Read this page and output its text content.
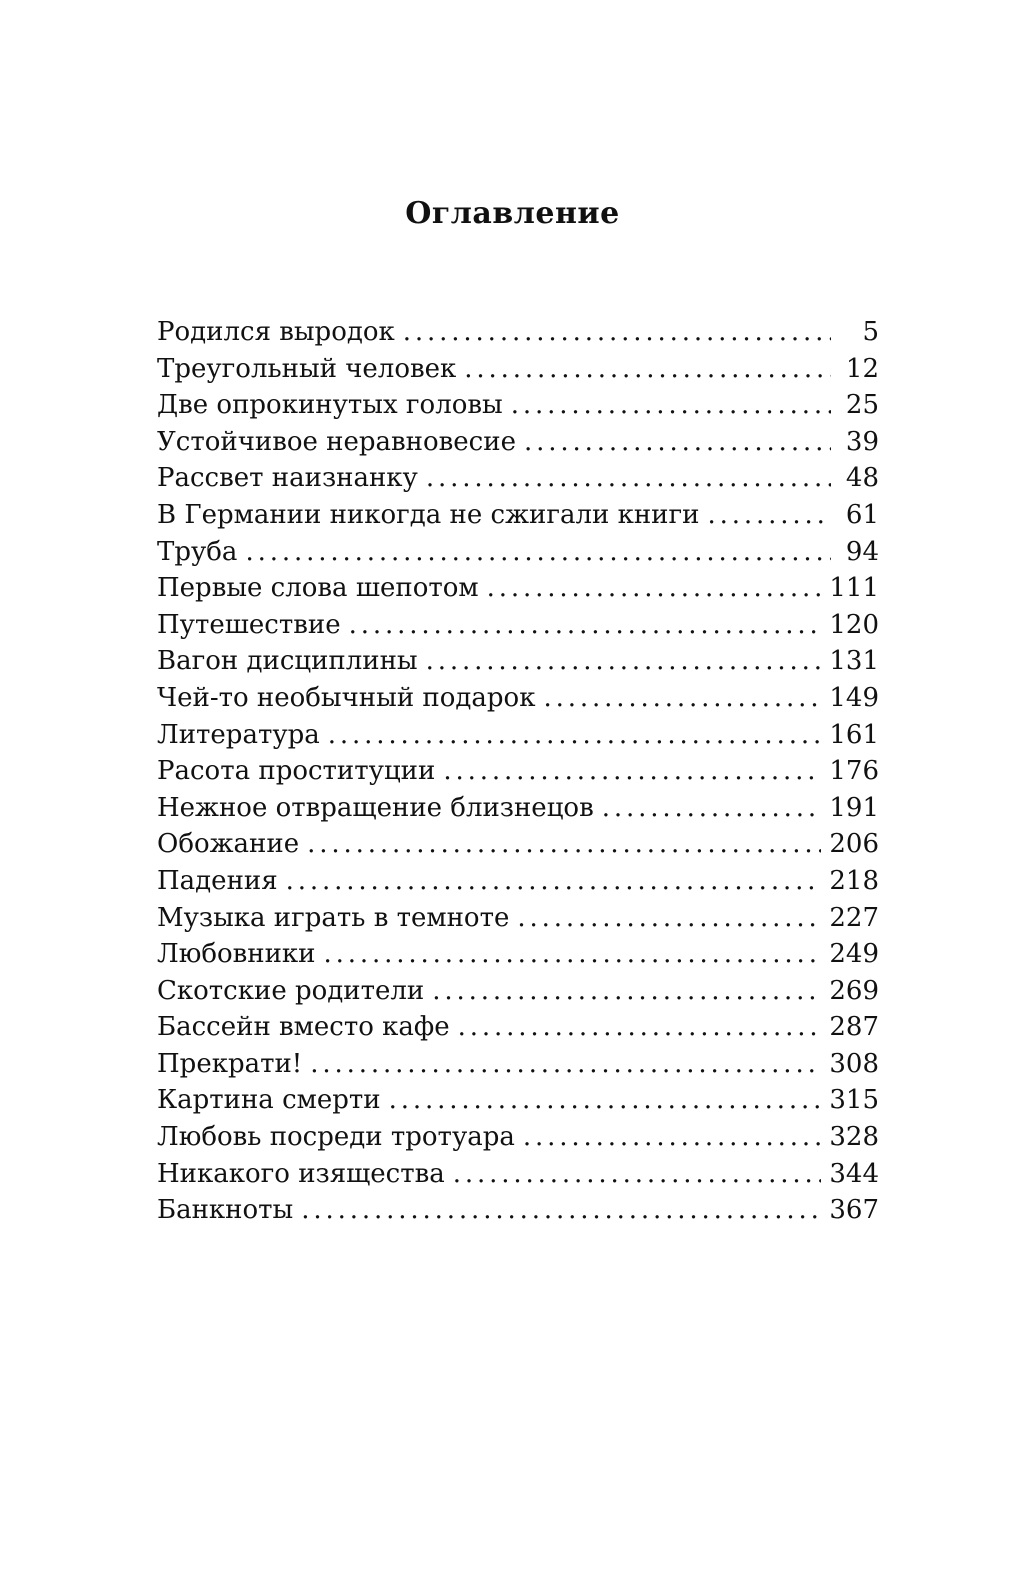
Оглавление
Родился выродок . . .	5
Треугольный человек . . .	12
Две опрокинутых головы . . .	25
Устойчивое неравновесие . . .	39
Рассвет наизнанку . . .	48
В Германии никогда не сжигали книги . . .	61
Труба . . .	94
Первые слова шепотом . . .	111
Путешествие . . .	120
Вагон дисциплины . . .	131
Чей-то необычный подарок . . .	149
Литература . . .	161
Расота проституции . . .	176
Нежное отвращение близнецов . . .	191
Обожание . . .	206
Падения . . .	218
Музыка играть в темноте . . .	227
Любовники . . .	249
Скотские родители . . .	269
Бассейн вместо кафе . . .	287
Прекрати! . . .	308
Картина смерти . . .	315
Любовь посреди тротуара . . .	328
Никакого изящества . . .	344
Банкноты . . .	367
